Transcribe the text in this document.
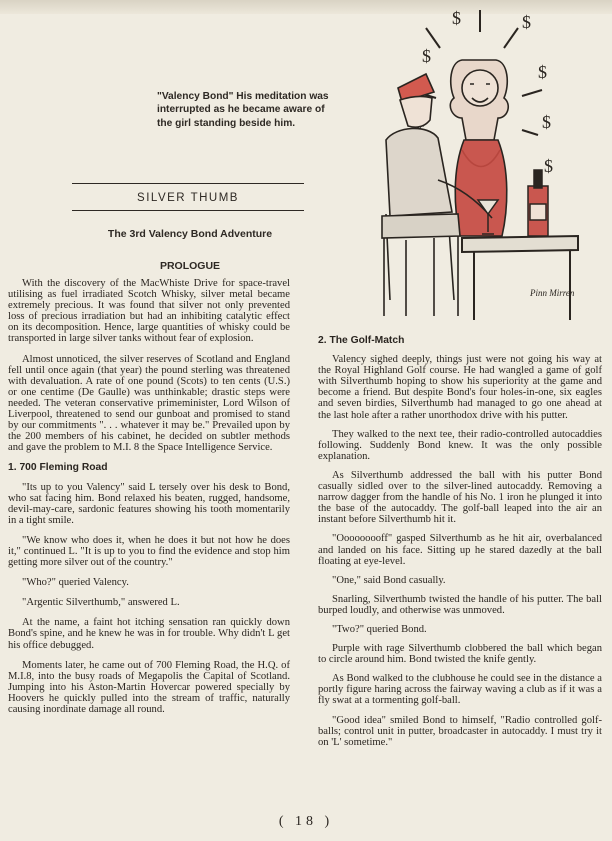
"Valency Bond" His meditation was interrupted as he became aware of the girl standing beside him.
$	$
$
$
$
$
Pinn Mirren
SILVER THUMB
The 3rd Valency Bond Adventure
PROLOGUE

With the discovery of the MacWhiste Drive for space-travel utilising as fuel irradiated Scotch Whisky, silver metal became extremely precious. It was found that silver not only prevented loss of precious irradiation but had an inhibiting catalytic effect on its decomposition. Hence, large quantities of whisky could be transported in large silver tanks without fear of explosion.

Almost unnoticed, the silver reserves of Scotland and England fell until once again (that year) the pound sterling was threatened with devaluation. A rate of one pound (Scots) to ten cents (U.S.) or one centime (De Gaulle) was unthinkable; drastic steps were needed. The veteran conservative primeminister, Lord Wilson of Liverpool, threatened to send our gunboat and promised to stand by our commitments ". . . whatever it may be." Prevailed upon by the 200 members of his cabinet, he decided on subtler methods and gave the problem to M.I. 8 the Space Intelligence Service.

1. 700 Fleming Road

"Its up to you Valency" said L tersely over his desk to Bond, who sat facing him. Bond relaxed his beaten, rugged, handsome, devil-may-care, sardonic features showing his tooth momentarily in a tight smile.

"We know who does it, when he does it but not how he does it," continued L. "It is up to you to find the evidence and stop him getting more silver out of the country."

"Who?" queried Valency.

"Argentic Silverthumb," answered L.

At the name, a faint hot itching sensation ran quickly down Bond's spine, and he knew he was in for trouble. Why didn't L get his office debugged.

Moments later, he came out of 700 Fleming Road, the H.Q. of M.I.8, into the busy roads of Megapolis the Capital of Scotland. Jumping into his Aston-Martin Hovercar powered specially by Hoovers he quickly pulled into the stream of traffic, naturally causing inordinate damage all round.

2. The Golf-Match

Valency sighed deeply, things just were not going his way at the Royal Highland Golf course. He had wangled a game of golf with Silverthumb hoping to show his superiority at the game and become a friend. But despite Bond's four holes-in-one, six eagles and seven birdies, Silverthumb had managed to go one ahead at the last hole after a rather unorthodox drive with his putter.

They walked to the next tee, their radio-controlled autocaddies following. Suddenly Bond knew. It was the only possible explanation.

As Silverthumb addressed the ball with his putter Bond casually sidled over to the silver-lined autocaddy. Removing a narrow dagger from the handle of his No. 1 iron he plunged it into the base of the autocaddy. The golf-ball leaped into the air an instant before Silverthumb hit it.

"Ooooooooff" gasped Silverthumb as he hit air, overbalanced and landed on his face. Sitting up he stared dazedly at the ball floating at eye-level.

"One," said Bond casually.

Snarling, Silverthumb twisted the handle of his putter. The ball burped loudly, and otherwise was unmoved.

"Two?" queried Bond.

Purple with rage Silverthumb clobbered the ball which began to circle around him. Bond twisted the knife gently.

As Bond walked to the clubhouse he could see in the distance a portly figure haring across the fairway waving a club as if it was a fly swat at a tormenting golf-ball.

"Good idea" smiled Bond to himself, "Radio controlled golf-balls; control unit in putter, broadcaster in autocaddy. I must try it on 'L' sometime."

( 18 )
